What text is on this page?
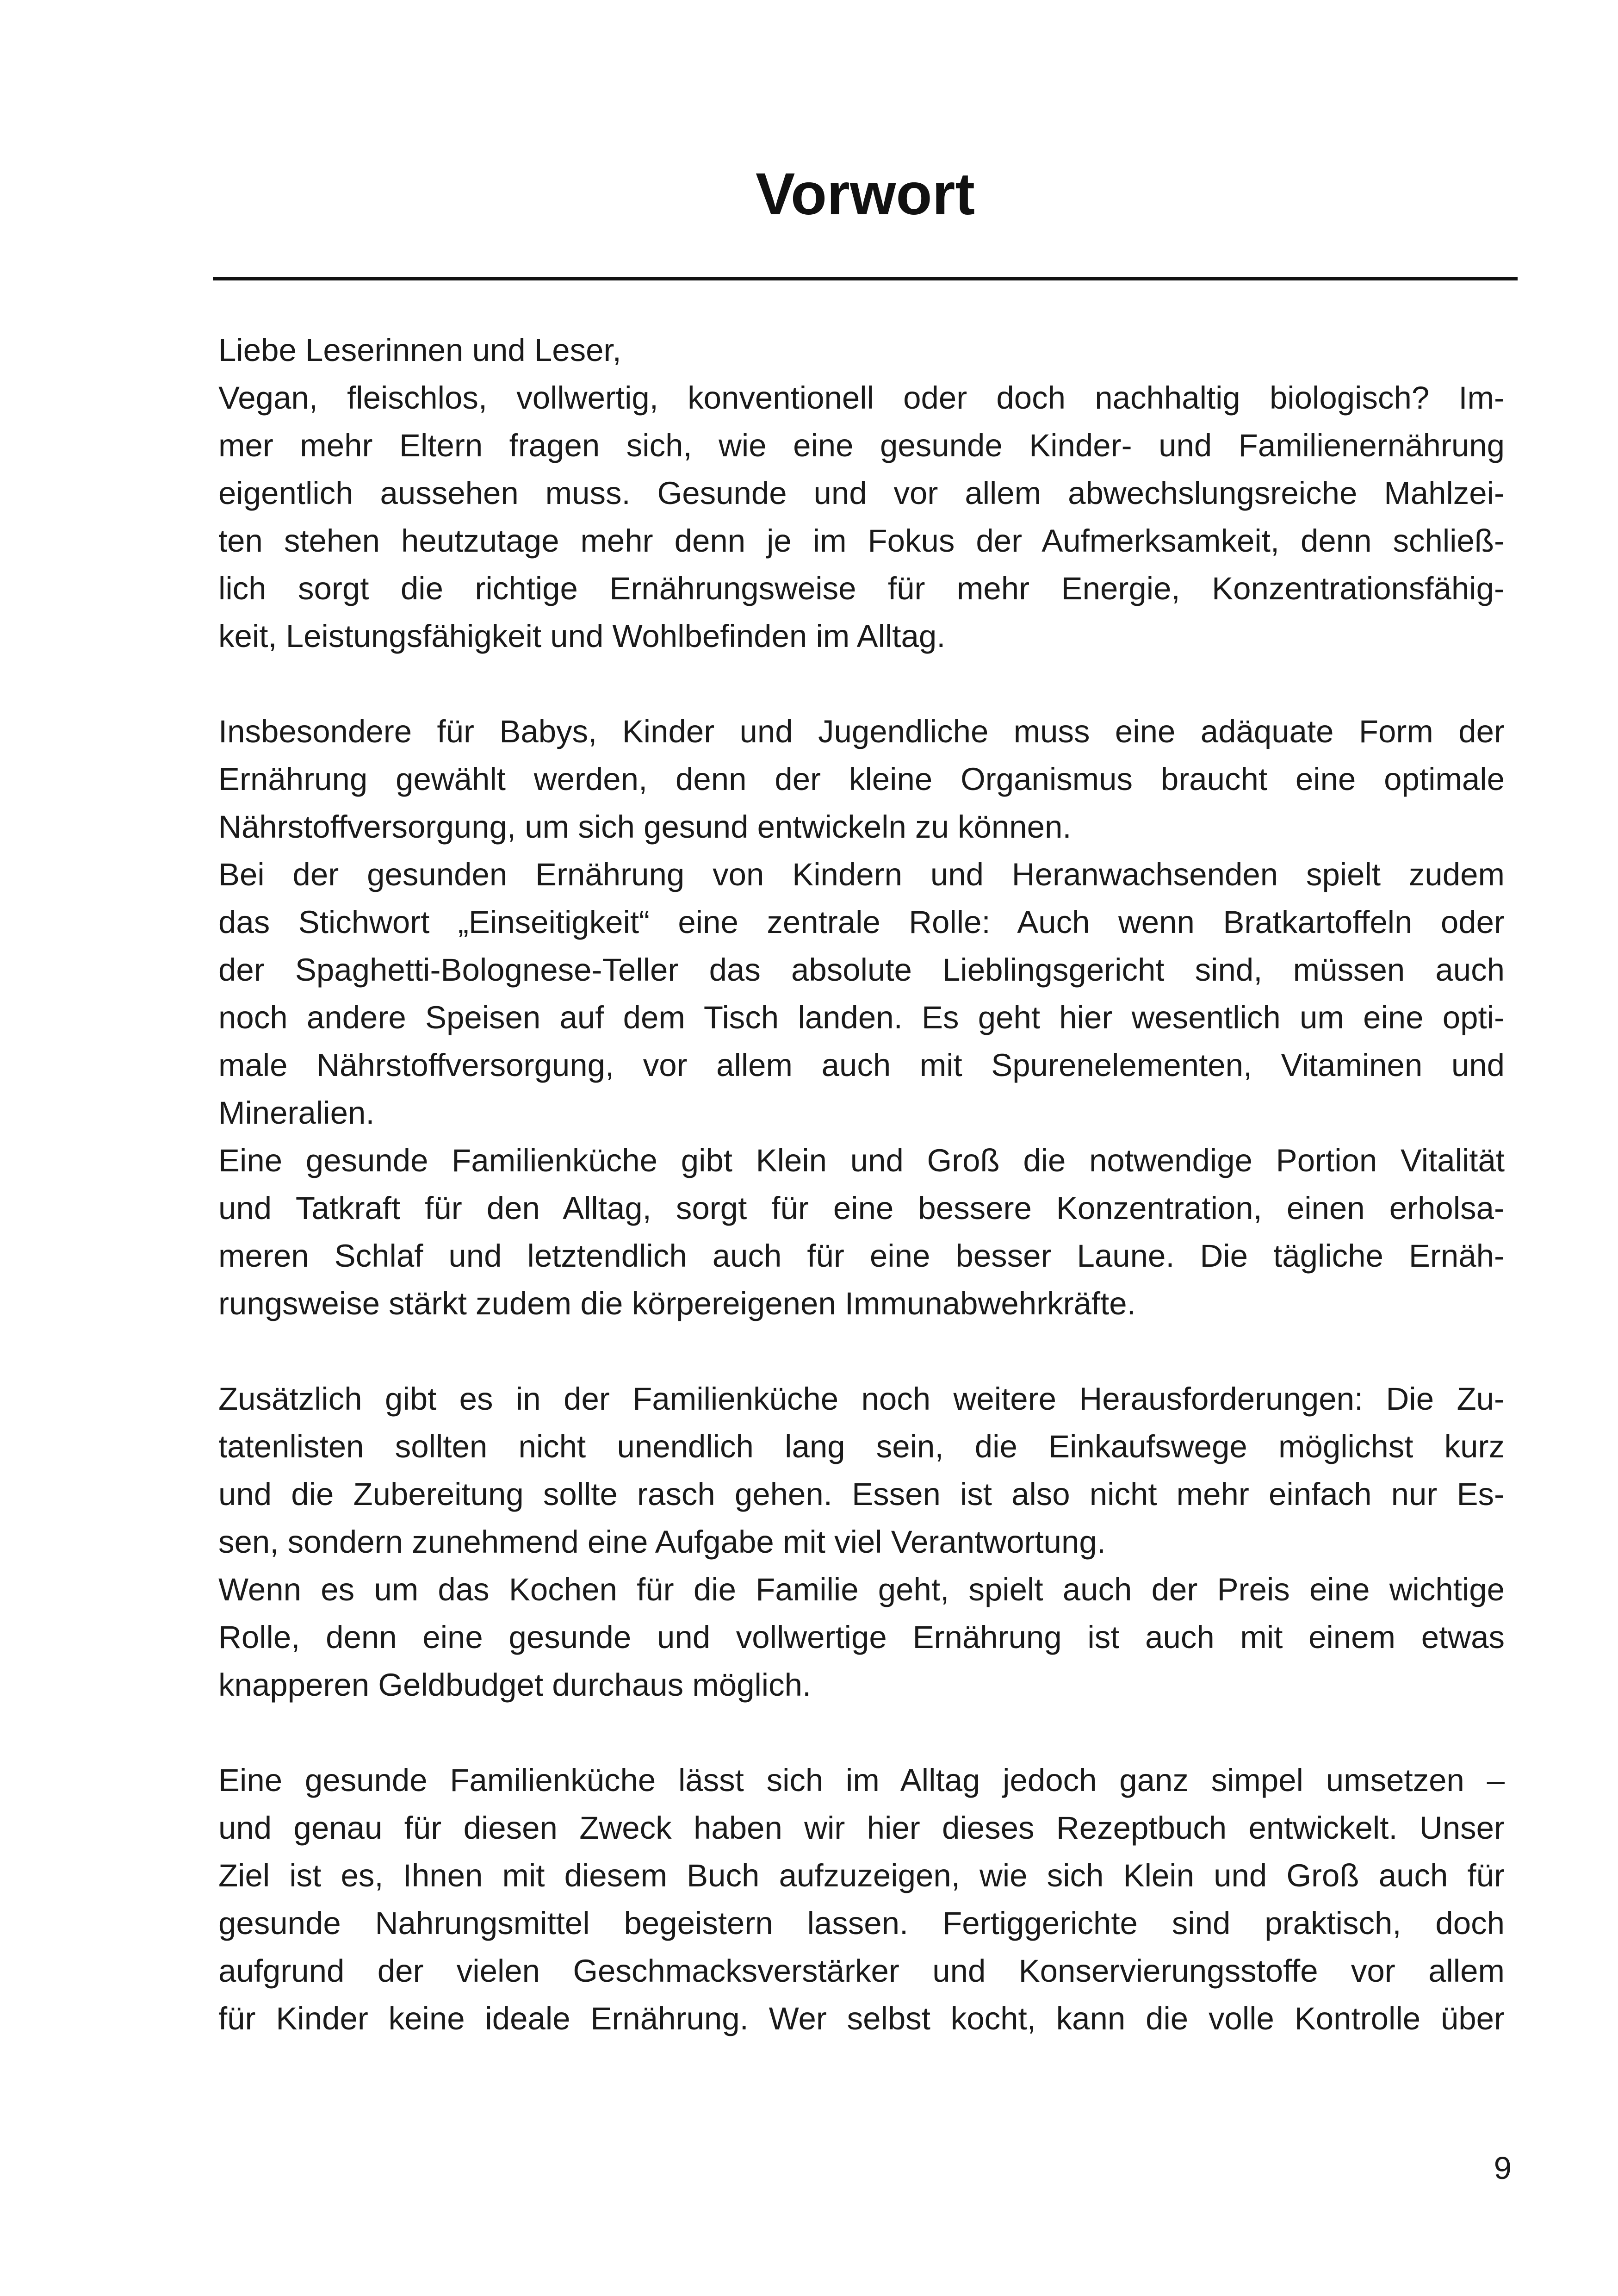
Vorwort
Liebe Leserinnen und Leser,
Vegan, fleischlos, vollwertig, konventionell oder doch nachhaltig biologisch? Im-
mer mehr Eltern fragen sich, wie eine gesunde Kinder- und Familienernährung
eigentlich aussehen muss. Gesunde und vor allem abwechslungsreiche Mahlzei-
ten stehen heutzutage mehr denn je im Fokus der Aufmerksamkeit, denn schließ-
lich sorgt die richtige Ernährungsweise für mehr Energie, Konzentrationsfähig-
keit, Leistungsfähigkeit und Wohlbefinden im Alltag.
Insbesondere für Babys, Kinder und Jugendliche muss eine adäquate Form der
Ernährung gewählt werden, denn der kleine Organismus braucht eine optimale
Nährstoffversorgung, um sich gesund entwickeln zu können.
Bei der gesunden Ernährung von Kindern und Heranwachsenden spielt zudem
das Stichwort „Einseitigkeit“ eine zentrale Rolle: Auch wenn Bratkartoffeln oder
der Spaghetti-Bolognese-Teller das absolute Lieblingsgericht sind, müssen auch
noch andere Speisen auf dem Tisch landen. Es geht hier wesentlich um eine opti-
male Nährstoffversorgung, vor allem auch mit Spurenelementen, Vitaminen und
Mineralien.
Eine gesunde Familienküche gibt Klein und Groß die notwendige Portion Vitalität
und Tatkraft für den Alltag, sorgt für eine bessere Konzentration, einen erholsa-
meren Schlaf und letztendlich auch für eine besser Laune. Die tägliche Ernäh-
rungsweise stärkt zudem die körpereigenen Immunabwehrkräfte.
Zusätzlich gibt es in der Familienküche noch weitere Herausforderungen: Die Zu-
tatenlisten sollten nicht unendlich lang sein, die Einkaufswege möglichst kurz
und die Zubereitung sollte rasch gehen. Essen ist also nicht mehr einfach nur Es-
sen, sondern zunehmend eine Aufgabe mit viel Verantwortung.
Wenn es um das Kochen für die Familie geht, spielt auch der Preis eine wichtige
Rolle, denn eine gesunde und vollwertige Ernährung ist auch mit einem etwas
knapperen Geldbudget durchaus möglich.
Eine gesunde Familienküche lässt sich im Alltag jedoch ganz simpel umsetzen –
und genau für diesen Zweck haben wir hier dieses Rezeptbuch entwickelt. Unser
Ziel ist es, Ihnen mit diesem Buch aufzuzeigen, wie sich Klein und Groß auch für
gesunde Nahrungsmittel begeistern lassen. Fertiggerichte sind praktisch, doch
aufgrund der vielen Geschmacksverstärker und Konservierungsstoffe vor allem
für Kinder keine ideale Ernährung. Wer selbst kocht, kann die volle Kontrolle über
9
